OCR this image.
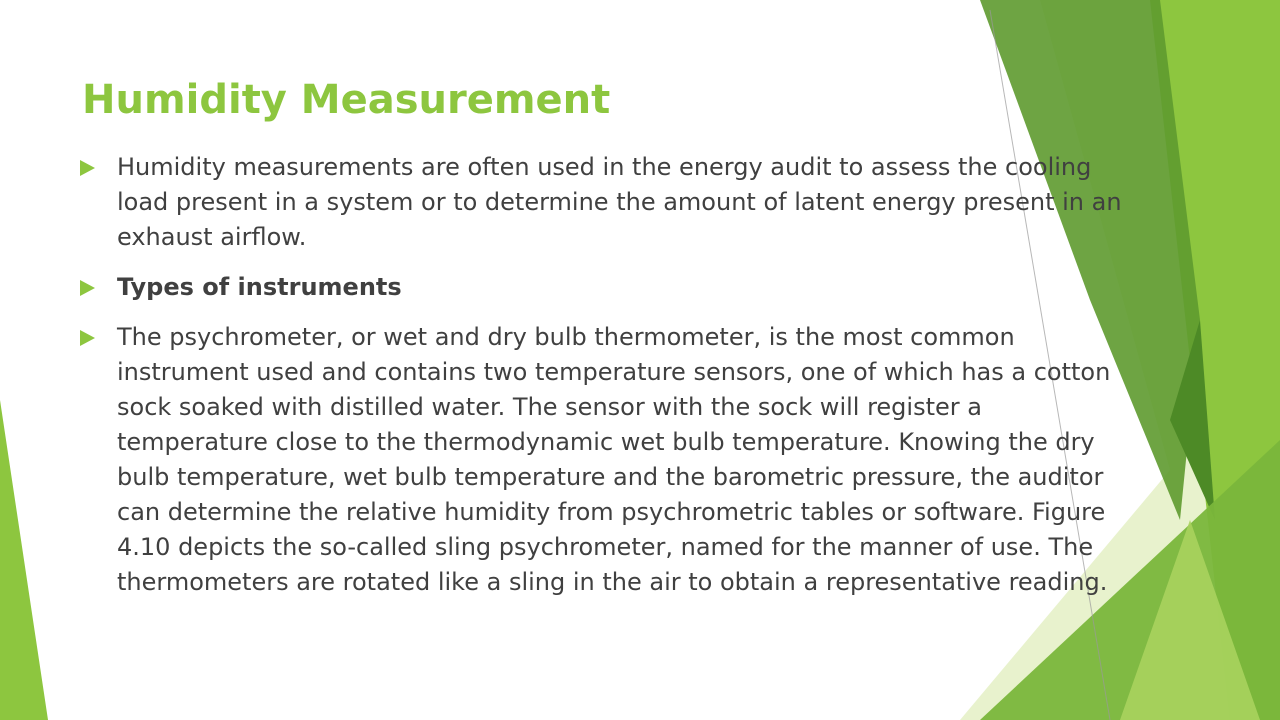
Humidity Measurement
Humidity measurements are often used in the energy audit to assess the cooling load present in a system or to determine the amount of latent energy present in an exhaust airflow.
Types of instruments
The psychrometer, or wet and dry bulb thermometer, is the most common instrument used and contains two temperature sensors, one of which has a cotton sock soaked with distilled water. The sensor with the sock will register a temperature close to the thermodynamic wet bulb temperature. Knowing the dry bulb temperature, wet bulb temperature and the barometric pressure, the auditor can determine the relative humidity from psychrometric tables or software. Figure 4.10 depicts the so-called sling psychrometer, named for the manner of use. The thermometers are rotated like a sling in the air to obtain a representative reading.
